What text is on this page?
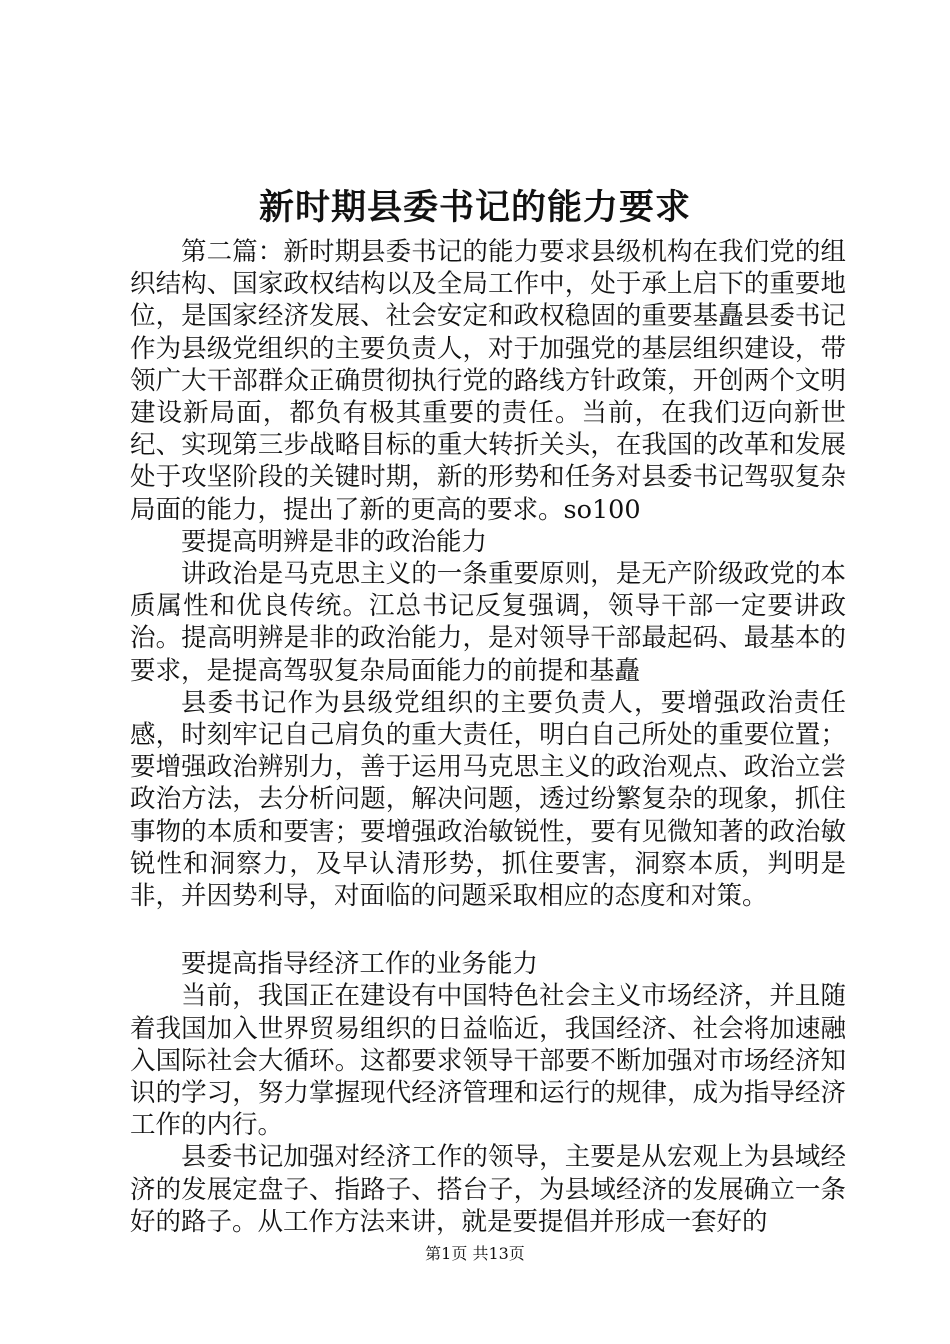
新时期县委书记的能力要求

第二篇：新时期县委书记的能力要求县级机构在我们党的组织结构、国家政权结构以及全局工作中，处于承上启下的重要地位，是国家经济发展、社会安定和政权稳固的重要基矗县委书记作为县级党组织的主要负责人，对于加强党的基层组织建设，带领广大干部群众正确贯彻执行党的路线方针政策，开创两个文明建设新局面，都负有极其重要的责任。当前，在我们迈向新世纪、实现第三步战略目标的重大转折关头，在我国的改革和发展处于攻坚阶段的关键时期，新的形势和任务对县委书记驾驭复杂局面的能力，提出了新的更高的要求。so100

要提高明辨是非的政治能力

讲政治是马克思主义的一条重要原则，是无产阶级政党的本质属性和优良传统。江总书记反复强调，领导干部一定要讲政治。提高明辨是非的政治能力，是对领导干部最起码、最基本的要求，是提高驾驭复杂局面能力的前提和基矗

县委书记作为县级党组织的主要负责人，要增强政治责任感，时刻牢记自己肩负的重大责任，明白自己所处的重要位置；要增强政治辨别力，善于运用马克思主义的政治观点、政治立尝政治方法，去分析问题，解决问题，透过纷繁复杂的现象，抓住事物的本质和要害；要增强政治敏锐性，要有见微知著的政治敏锐性和洞察力，及早认清形势，抓住要害，洞察本质，判明是非，并因势利导，对面临的问题采取相应的态度和对策。

要提高指导经济工作的业务能力

当前，我国正在建设有中国特色社会主义市场经济，并且随着我国加入世界贸易组织的日益临近，我国经济、社会将加速融入国际社会大循环。这都要求领导干部要不断加强对市场经济知识的学习，努力掌握现代经济管理和运行的规律，成为指导经济工作的内行。

县委书记加强对经济工作的领导，主要是从宏观上为县域经济的发展定盘子、指路子、搭台子，为县域经济的发展确立一条好的路子。从工作方法来讲，就是要提倡并形成一套好的

第1页 共13页
